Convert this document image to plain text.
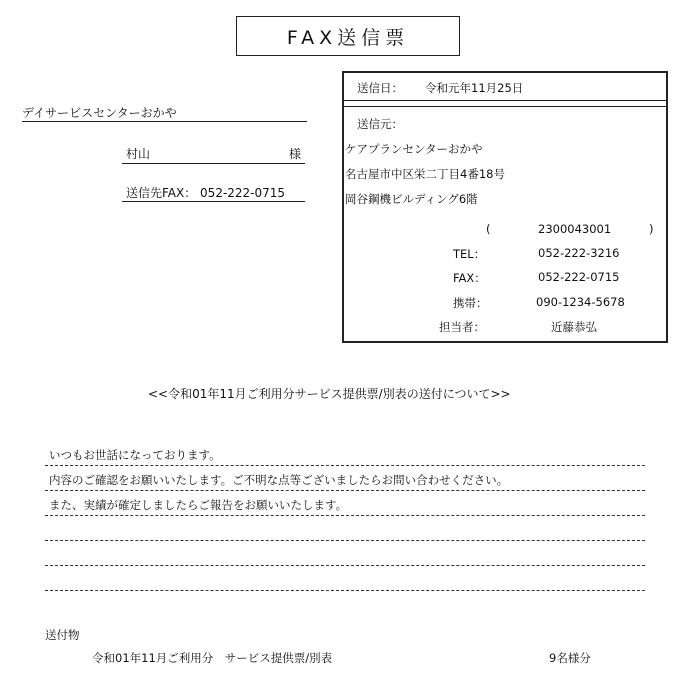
FAX送信票
デイサービスセンターおかや
村山	様
送信先FAX： 052-222-0715
送信日： 令和元年11月25日
送信元：
ケアプランセンターおかや
名古屋市中区栄二丁目4番18号
岡谷鋼機ビルディング6階
(	2300043001	)
TEL：	052-222-3216
FAX：	052-222-0715
携帯：	090-1234-5678
担当者：	近藤恭弘
<<令和01年11月ご利用分サービス提供票/別表の送付について>>
いつもお世話になっております。
内容のご確認をお願いいたします。ご不明な点等ございましたらお問い合わせください。
また、実績が確定しましたらご報告をお願いいたします。
送付物
令和01年11月ご利用分　サービス提供票/別表	9名様分
